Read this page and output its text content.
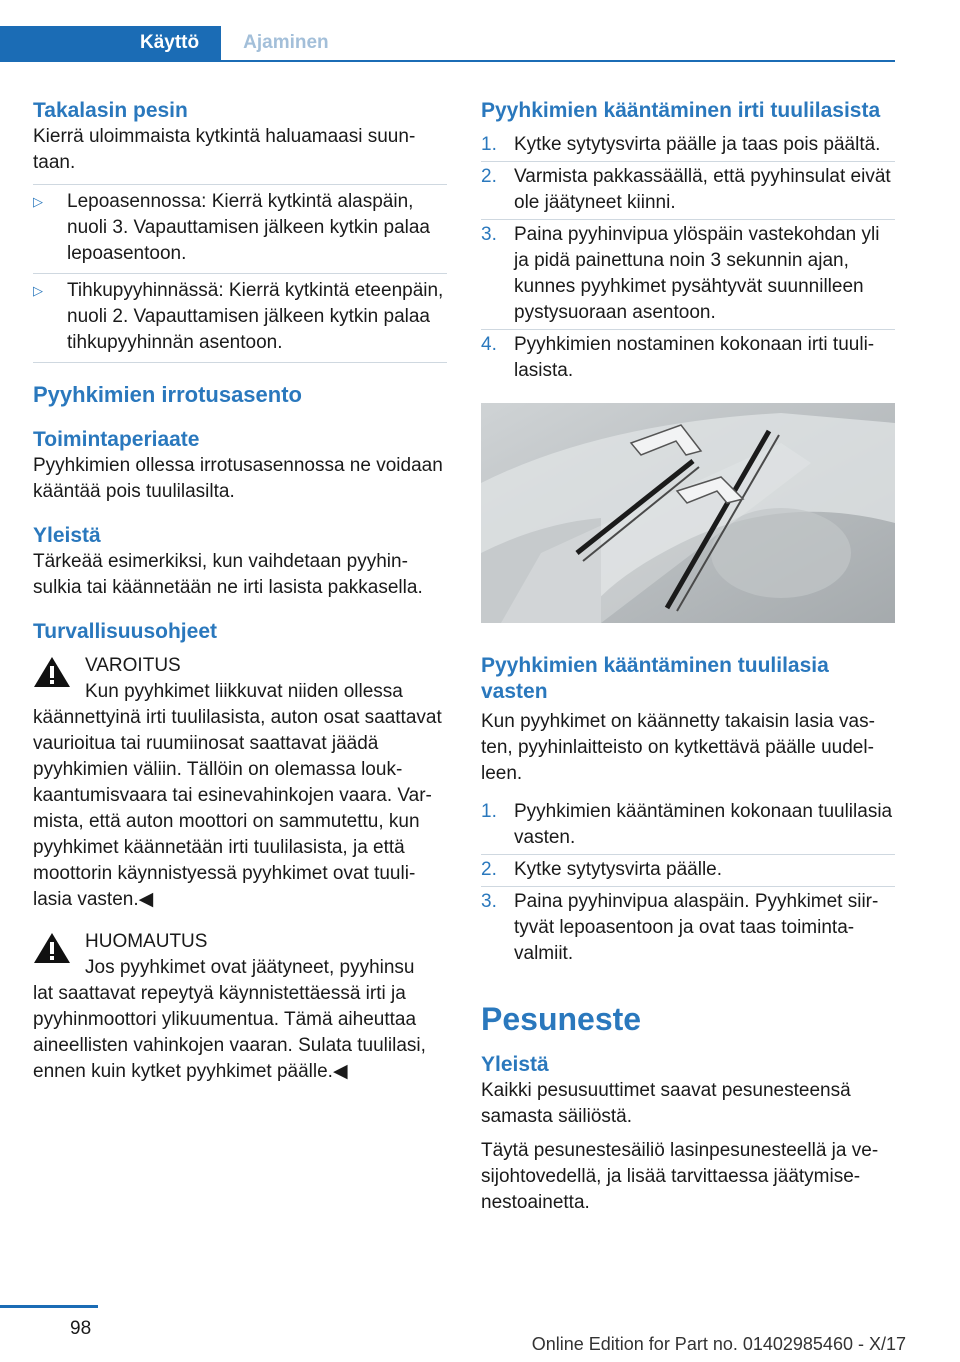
Käyttö	Ajaminen
Takalasin pesin

Kierrä uloimmaista kytkintä haluamaasi suuntaan.

▷	Lepoasennossa: Kierrä kytkintä alaspäin, nuoli 3. Vapauttamisen jälkeen kytkin palaa lepoasentoon.
▷	Tihkupyyhinnässä: Kierrä kytkintä eteenpäin, nuoli 2. Vapauttamisen jälkeen kytkin palaa tihkupyyhinnän asentoon.
Pyyhkimien irrotusasento
Toimintaperiaate

Pyyhkimien ollessa irrotusasennossa ne voidaan kääntää pois tuulilasilta.

Yleistä

Tärkeää esimerkiksi, kun vaihdetaan pyyhinsulkia tai käännetään ne irti lasista pakkasella.

Turvallisuusohjeet
VAROITUS
Kun pyyhkimet liikkuvat niiden ollessa

käännettyinä irti tuulilasista, auton osat saattavat vaurioitua tai ruumiinosat saattavat jäädä pyyhkimien väliin. Tällöin on olemassa loukkaantumisvaara tai esinevahinkojen vaara. Varmista, että auton moottori on sammutettu, kun pyyhkimet käännetään irti tuulilasista, ja että moottorin käynnistyessä pyyhkimet ovat tuulilasia vasten.◀

HUOMAUTUS
Jos pyyhkimet ovat jäätyneet, pyyhinsu

lat saattavat repeytyä käynnistettäessä irti ja pyyhinmoottori ylikuumentua. Tämä aiheuttaa aineellisten vahinkojen vaaran. Sulata tuulilasi, ennen kuin kytket pyyhkimet päälle.◀

Pyyhkimien kääntäminen irti tuulilasista
1. Kytke sytytysvirta päälle ja taas pois päältä.
2. Varmista pakkassäällä, että pyyhinsulat eivät ole jäätyneet kiinni.
3. Paina pyyhinvipua ylöspäin vastekohdan yli ja pidä painettuna noin 3 sekunnin ajan, kunnes pyyhkimet pysähtyvät suunnilleen pystysuoraan asentoon.
4. Pyyhkimien nostaminen kokonaan irti tuulilasista.
Pyyhkimien kääntäminen tuulilasia vasten

Kun pyyhkimet on käännetty takaisin lasia vasten, pyyhinlaitteisto on kytkettävä päälle uudelleen.

1. Pyyhkimien kääntäminen kokonaan tuulilasia vasten.
2. Kytke sytytysvirta päälle.
3. Paina pyyhinvipua alaspäin. Pyyhkimet siirtyvät lepoasentoon ja ovat taas toimintavalmiit.
Pesuneste
Yleistä

Kaikki pesusuuttimet saavat pesunesteensä samasta säiliöstä.

Täytä pesunestesäiliö lasinpesunesteellä ja vesijohtovedellä, ja lisää tarvittaessa jäätymisenestoainetta.

98
Online Edition for Part no. 01402985460 - X/17
